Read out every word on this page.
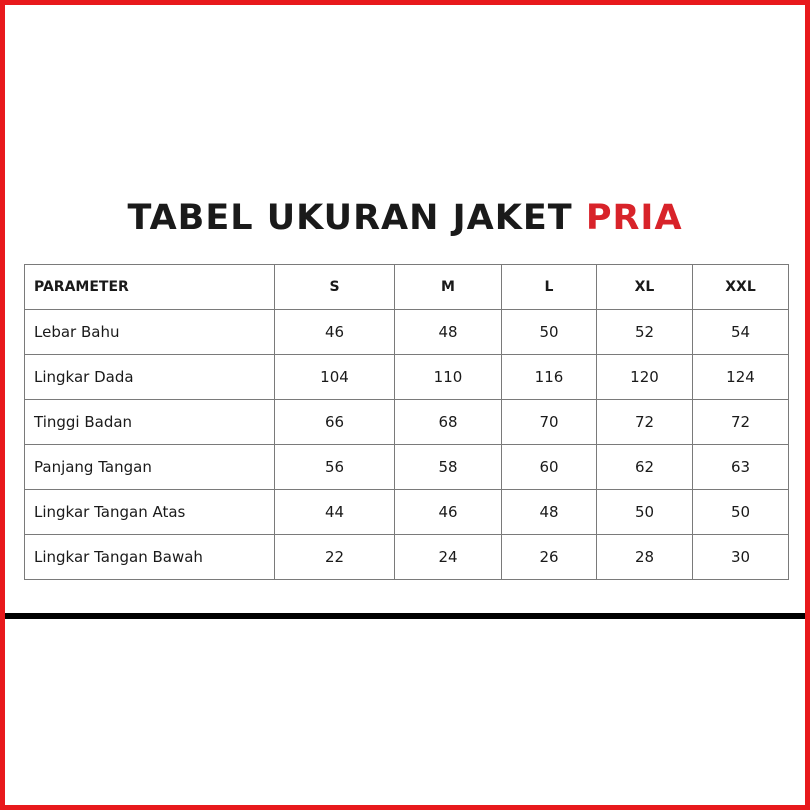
TABEL UKURAN JAKET PRIA
PARAMETER	S	M	L	XL	XXL
Lebar Bahu	46	48	50	52	54
Lingkar Dada	104	110	116	120	124
Tinggi Badan	66	68	70	72	72
Panjang Tangan	56	58	60	62	63
Lingkar Tangan Atas	44	46	48	50	50
Lingkar Tangan Bawah	22	24	26	28	30
